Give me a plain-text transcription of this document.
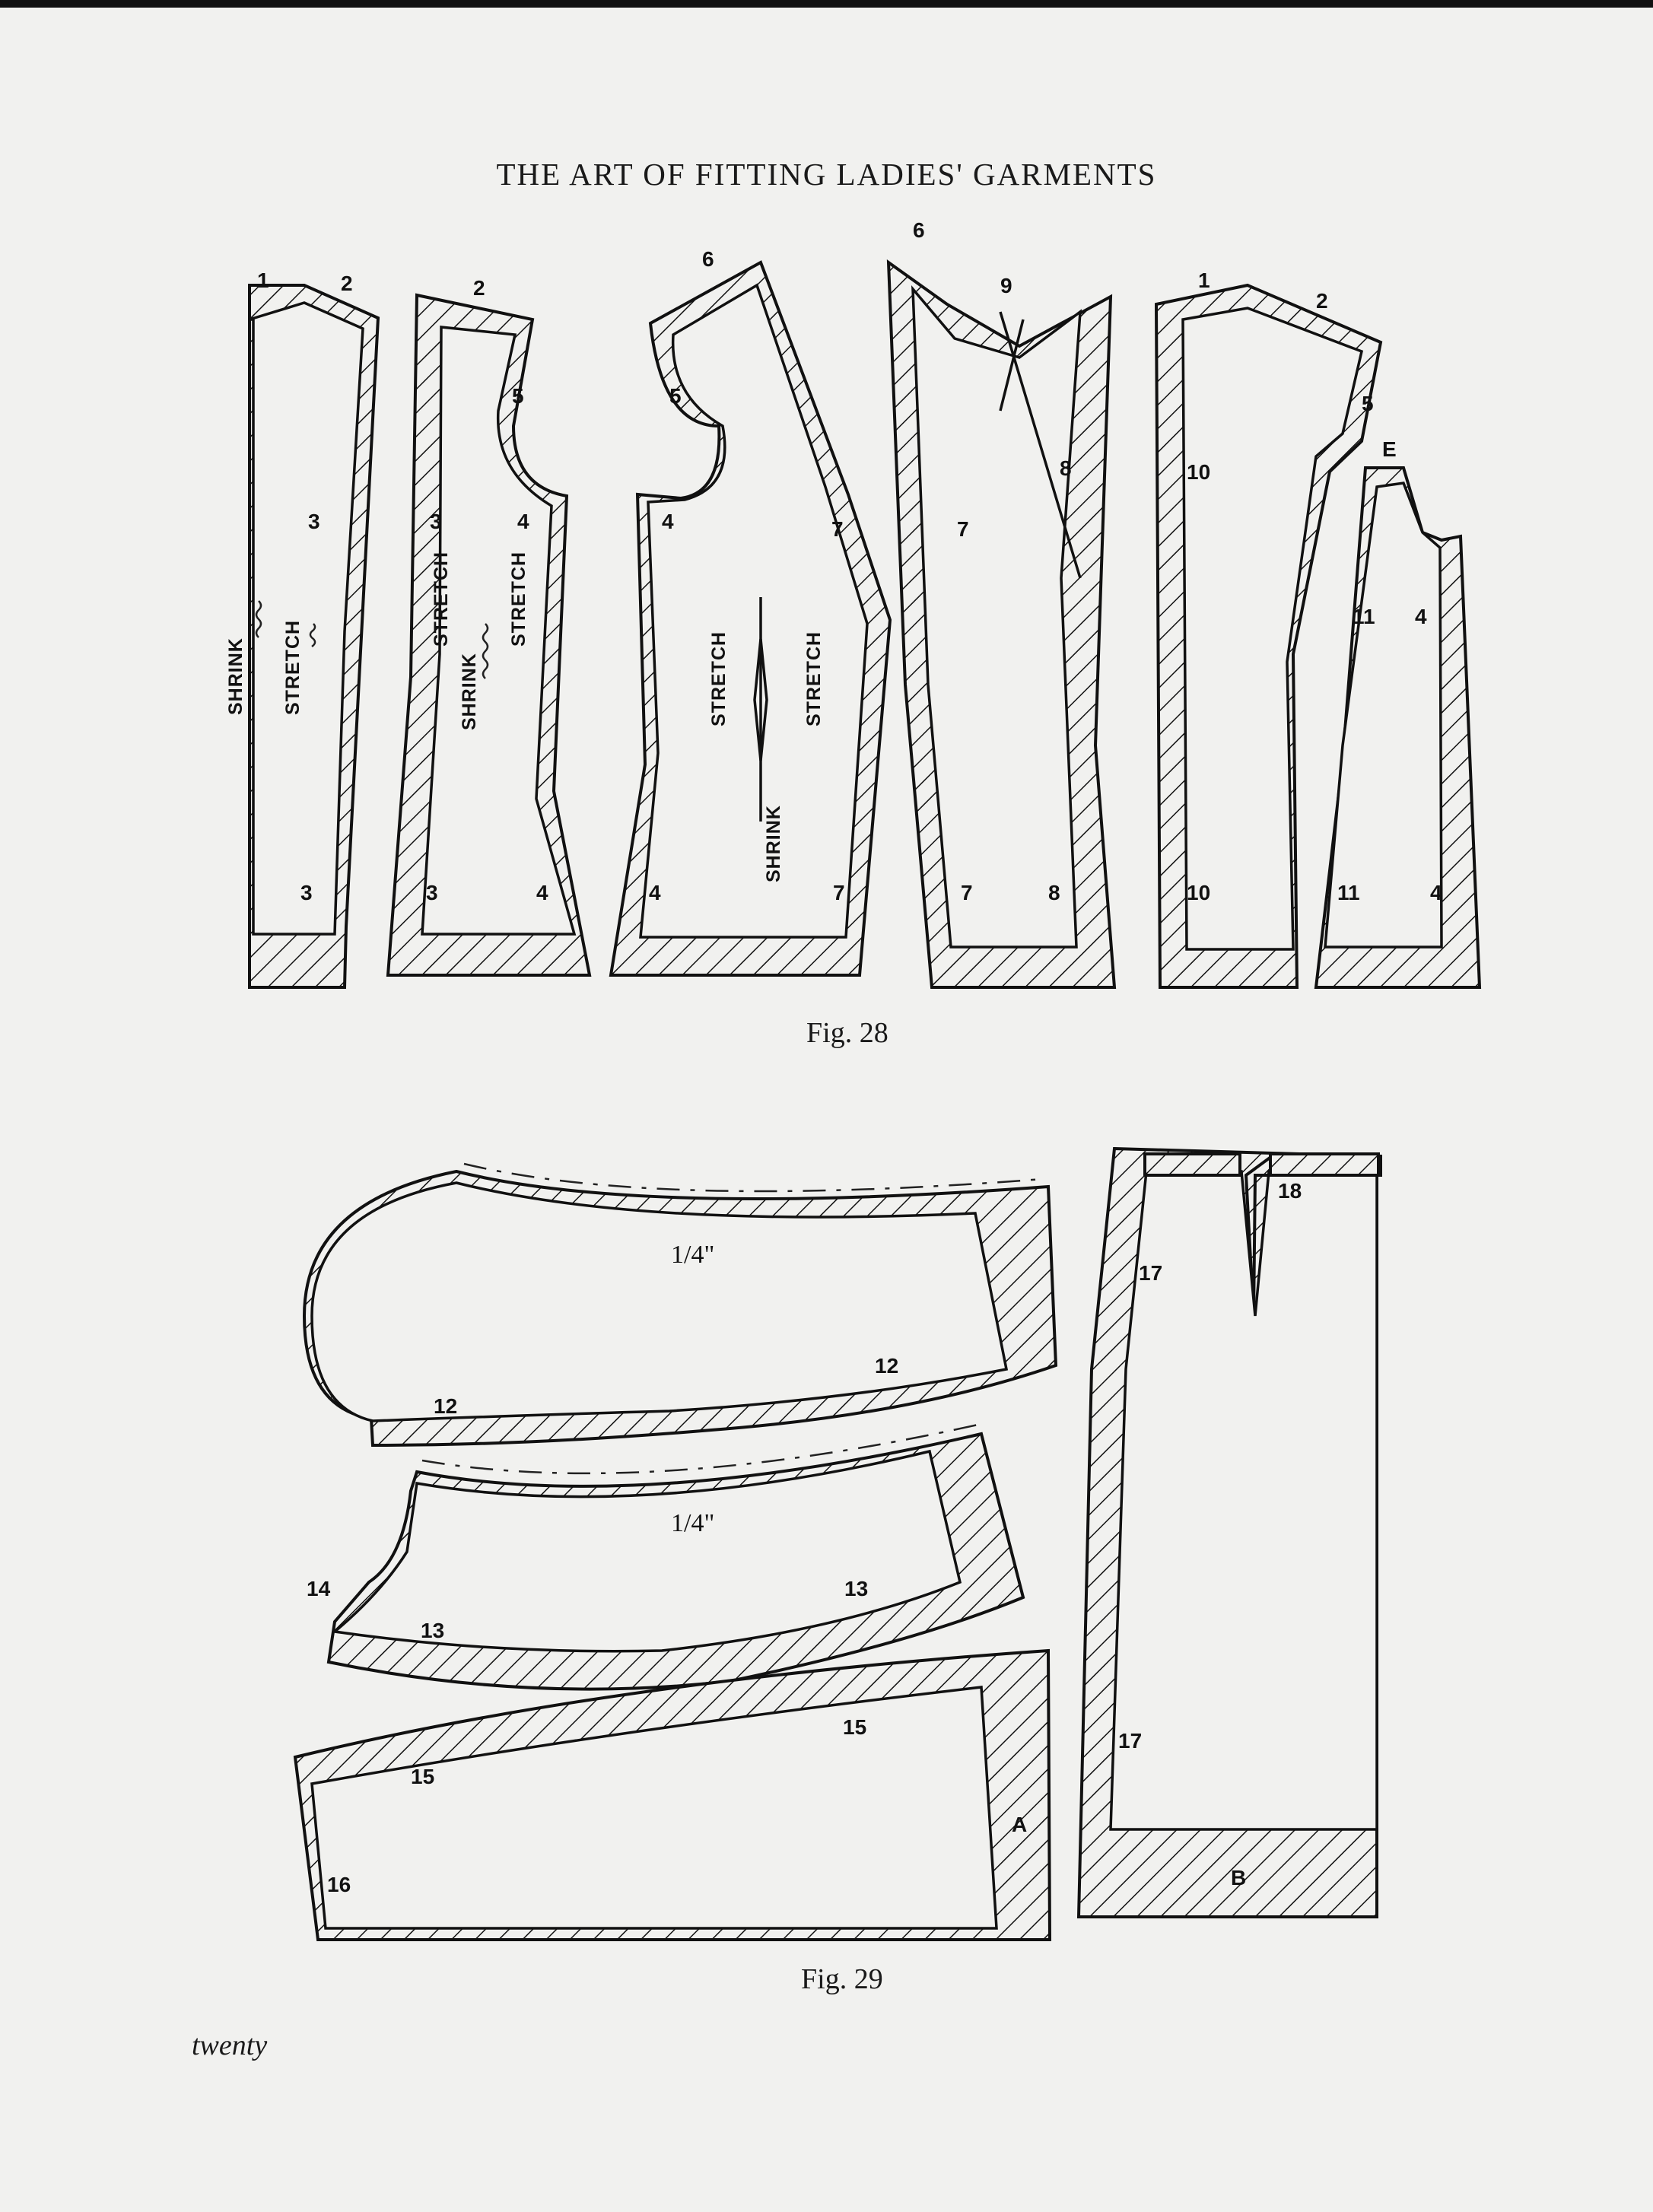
THE ART OF FITTING LADIES' GARMENTS
1	2
3
3
2
5
3	4
3	4
6
5
4	7
4	7
6
9
8
7
7	8
1
2
5
10
E
11 4
10	11	4
SHRINK STRETCH
STRETCH
SHRINK
STRETCH
STRETCH
SHRINK
STRETCH
1/4"
1/4"
12
12
13
13
14
15
15
16
A
18
17
17
B
Fig. 28
Fig. 29
twenty
